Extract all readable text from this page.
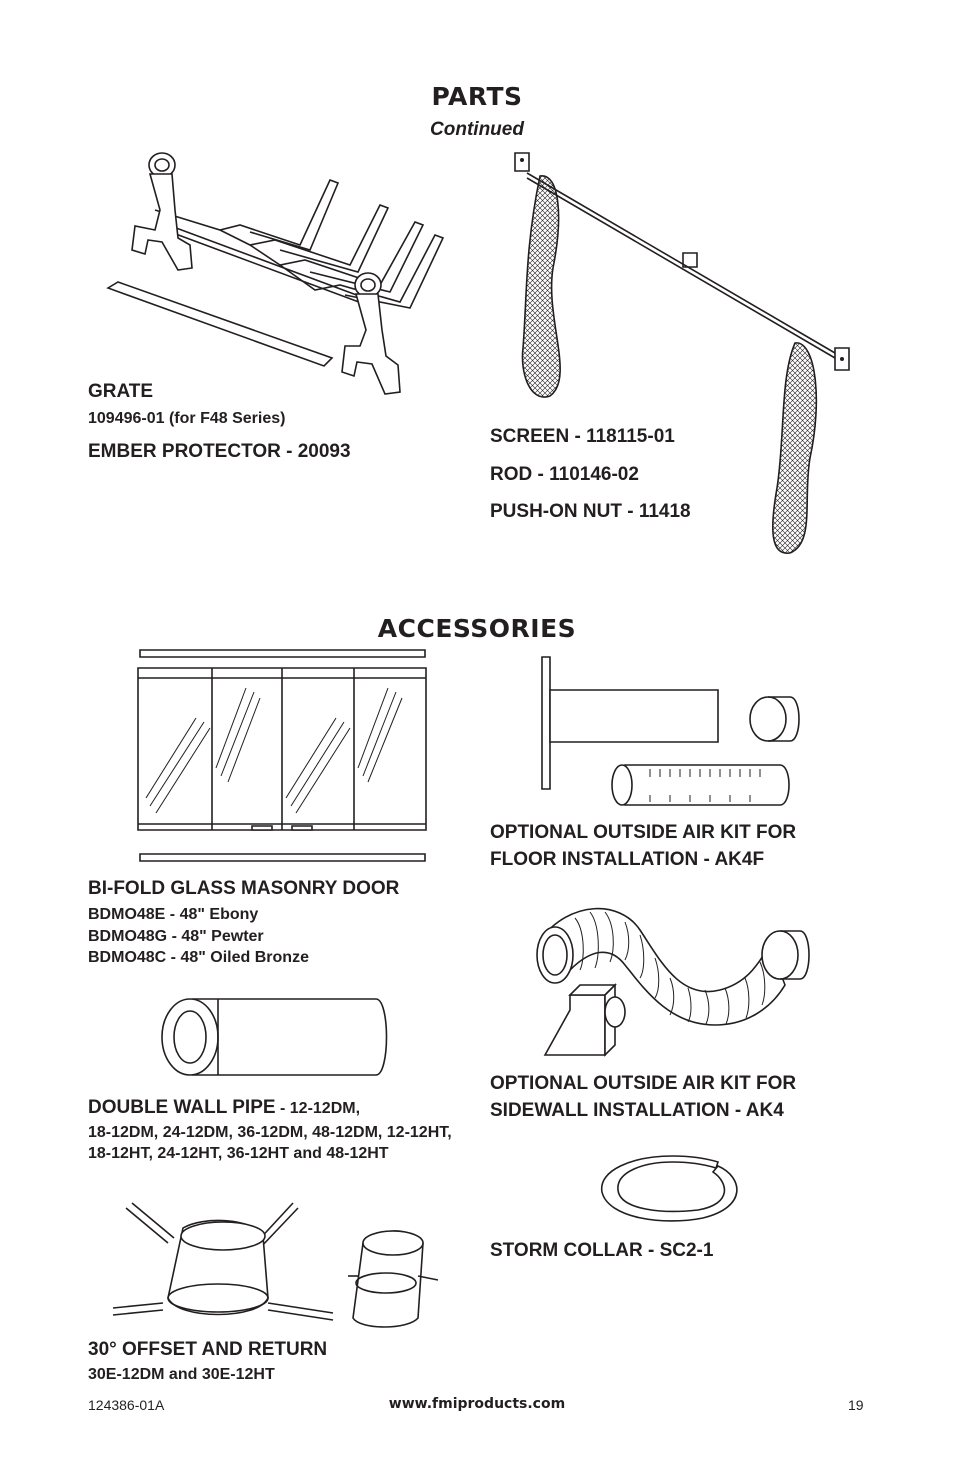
PARTS
Continued
ACCESSORIES
GRATE
109496-01 (for F48 Series)
EMBER PROTECTOR - 20093
SCREEN - 118115-01
ROD - 110146-02
PUSH-ON NUT - 11418
BI-FOLD GLASS MASONRY DOOR
BDMO48E - 48" Ebony
BDMO48G - 48" Pewter
BDMO48C - 48" Oiled Bronze
DOUBLE WALL PIPE - 12-12DM,
18-12DM, 24-12DM, 36-12DM, 48-12DM, 12-12HT, 18-12HT, 24-12HT, 36-12HT and 48-12HT
30° OFFSET AND RETURN
30E-12DM and 30E-12HT
OPTIONAL OUTSIDE AIR KIT FOR
FLOOR INSTALLATION - AK4F
OPTIONAL OUTSIDE AIR KIT FOR
SIDEWALL INSTALLATION - AK4
STORM COLLAR - SC2-1
124386-01A	www.fmiproducts.com	19
